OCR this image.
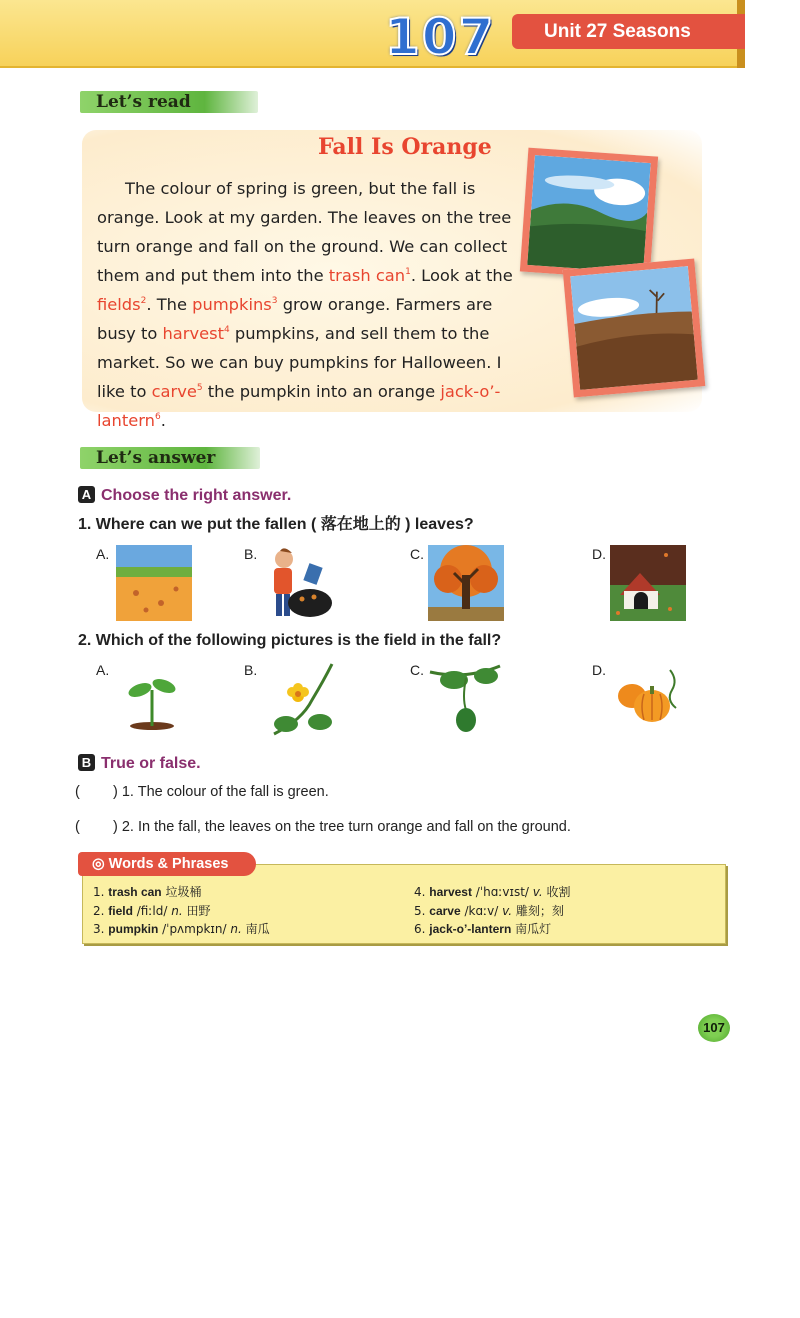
107	Unit 27 Seasons
Let’s read
Fall Is Orange
The colour of spring is green, but the fall is orange. Look at my garden. The leaves on the tree turn orange and fall on the ground. We can collect them and put them into the trash can$^1$. Look at the fields$^2$. The pumpkins$^3$ grow orange. Farmers are busy to harvest$^4$ pumpkins, and sell them to the market. So we can buy pumpkins for Halloween. I like to carve$^5$ the pumpkin into an orange jack-o’-lantern$^6$.
Let’s answer
A Choose the right answer.
1. Where can we put the fallen ( 落在地上的 ) leaves?
A.	B.	C.	D.
2. Which of the following pictures is the field in the fall?
A.	B.	C.	D.
B True or false.
( ) 1. The colour of the fall is green.
( ) 2. In the fall, the leaves on the tree turn orange and fall on the ground.
◎ Words & Phrases
1. trash can 垃圾桶
2. field /fiːld/ n. 田野
3. pumpkin /ˈpʌmpkɪn/ n. 南瓜
4. harvest /ˈhɑːvɪst/ v. 收割
5. carve /kɑːv/ v. 雕刻；刻
6. jack-o’-lantern 南瓜灯
107
